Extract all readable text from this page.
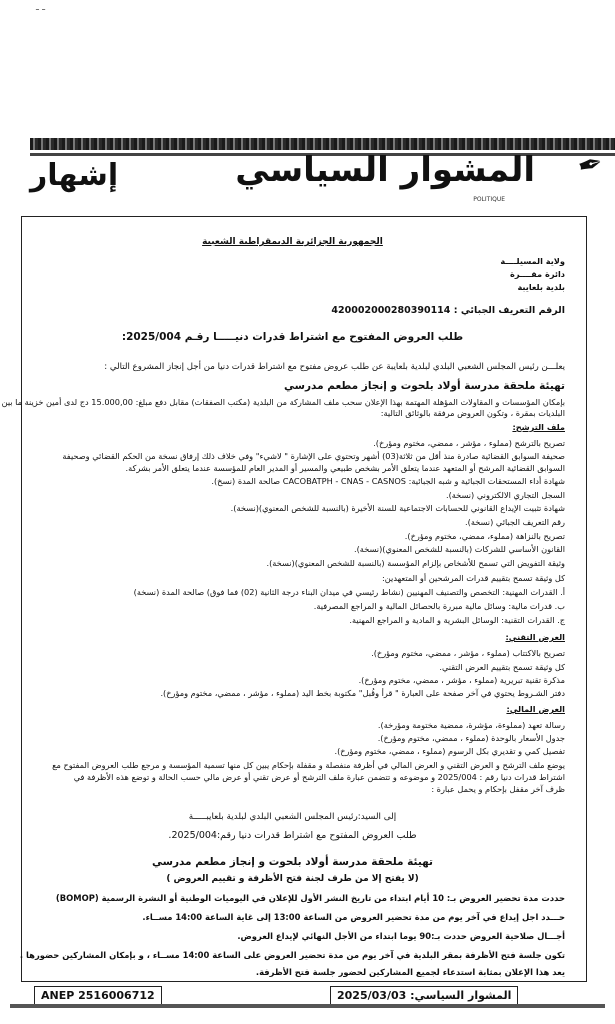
ـ ـ
إشهار	المشوار السياسي
POLITIQUE
✒
الجمهورية الجزائرية الديمقراطية الشعبية
ولاية المسيلــــة
دائرة مقــــرة
بلدية بلعايبة
الرقم التعريف الجبائي : 420002000280390114
طلب العروض المفتوح مع اشتراط قدرات دنيـــــا رقـم 2025/004:
يعلـــن رئيس المجلس الشعبي البلدي لبلدية بلعايبة عن طلب عروض مفتوح مع اشتراط قدرات دنيا من أجل إنجاز المشروع التالي :
تهيئة ملحقة مدرسة أولاد بلحوت و إنجاز مطعم مدرسي
بإمكان المؤسسات و المقاولات المؤهلة المهتمة بهذا الإعلان سحب ملف المشاركة من البلدية (مكتب الصفقات) مقابل دفع مبلغ: 15.000,00 دج لدى أمين خزينة ما بين
البلديات بمقرة ، وتكون العروض مرفقة بالوثائق التالية:
ملف الترشح:
تصريح بالترشح (مملوء ، مؤشر ، ممضي، مختوم ومؤرخ).
صحيفة السوابق القضائية صادرة منذ أقل من ثلاثة(03) أشهر وتحتوي على الإشارة " لاشيء" وفي خلاف ذلك إرفاق نسخة من الحكم القضائي وصحيفة
السوابق القضائية المرشح أو المتعهد عندما يتعلق الأمر بشخص طبيعي والمسير أو المدير العام للمؤسسة عندما يتعلق الأمر بشركة.
شهادة أداء المستحقات الجبائية و شبه الجبائية: CACOBATPH - CNAS - CASNOS صالحة المدة (نسخ).
السجل التجاري الالكتروني (نسخة).
شهادة تثبيت الإيداع القانوني للحسابات الاجتماعية للسنة الأخيرة (بالنسبة للشخص المعنوي)(نسخة).
رقم التعريف الجبائي (نسخة).
تصريح بالنزاهة (مملوء، ممضي، مختوم ومؤرخ).
القانون الأساسي للشركات (بالنسبة للشخص المعنوي)(نسخة).
وثيقة التفويض التي تسمح للأشخاص بإلزام المؤسسة (بالنسبة للشخص المعنوي)(نسخة).
كل وثيقة تسمح بتقييم قدرات المرشحين أو المتعهدين:
أ. القدرات المهنية: التخصص والتصنيف المهنيين (نشاط رئيسي في ميدان البناء درجة الثانية (02) فما فوق) صالحة المدة (نسخة)
ب. قدرات مالية: وسائل مالية مبررة بالحصائل المالية و المراجع المصرفية.
ج. القدرات التقنية: الوسائل البشرية و المادية و المراجع المهنية.
العرض التقني:
تصريح بالاكتتاب (مملوء ، مؤشر ، ممضي، مختوم ومؤرخ).
كل وثيقة تسمح بتقييم العرض التقني.
مذكرة تقنية تبريرية (مملوء ، مؤشر ، ممضي، مختوم ومؤرخ).
دفتر الشـروط يحتوي في آخر صفحة على العبارة " قرأ وقُبل" مكتوبة بخط اليد (مملوء ، مؤشر ، ممضي، مختوم ومؤرخ).
العرض المالي:
رسالة تعهد (مملوءة، مؤشرة، ممضية مختومة ومؤرخة).
جدول الأسعار بالوحدة (مملوء ، ممضي، مختوم ومؤرخ).
تفصيل كمي و تقديري بكل الرسوم (مملوء ، ممضي، مختوم ومؤرخ).
يوضع ملف الترشح و العرض التقني و العرض المالي في أظرفة منفصلة و مقفلة بإحكام يبين كل منها تسمية المؤسسة و مرجع طلب العروض المفتوح مع
اشتراط قدرات دنيا رقم : 2025/004 و موضوعه و تتضمن عبارة ملف الترشح أو عرض تقني أو عرض مالي حسب الحالة و توضع هذه الأظرفة في
ظرف آخر مقفل بإحكام و يحمل عبارة :
إلى السيد:رئيس المجلس الشعبي البلدي لبلدية بلعايبـــــة
طلب العروض المفتوح مع اشتراط قدرات دنيا رقم:2025/004.
تهيئة ملحقة مدرسة أولاد بلحوت و إنجاز مطعم مدرسي
(لا يفتح إلا من طرف لجنة فتح الأظرفة و تقييم العروض )
حددت مدة تحضير العروض بـ: 10 أيام ابتداء من تاريخ النشر الأول للإعلان في اليوميات الوطنية أو النشرة الرسمية (BOMOP)
حـــدد اجل إيداع في آخر يوم من مدة تحضير العروض من الساعة 13:00 إلى غاية الساعة 14:00 مســاء.
أجـــال صلاحية العروض حددت بـ:90 يوما ابتداء من الأجل النهائي لإيداع العروض.
تكون جلسة فتح الأظرفة بمقر البلدية في آخر يوم من مدة تحضير العروض على الساعة 14:00 مســاء ، و بإمكان المشاركين حضورها .
يعد هذا الإعلان بمثابة استدعاء لجميع المشاركين لحضور جلسة فتح الأظرفة.
المشوار السياسي: 2025/03/03
ANEP 2516006712
